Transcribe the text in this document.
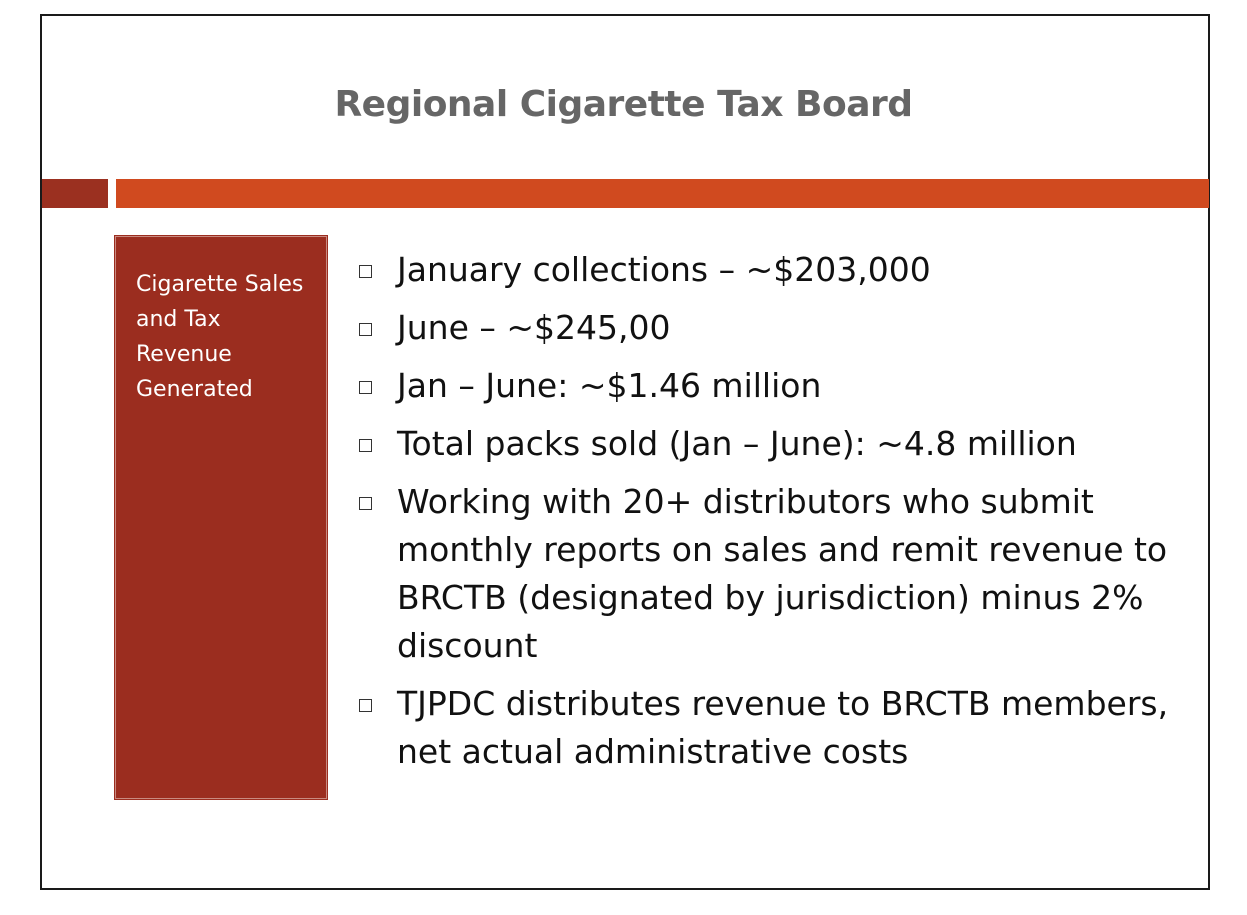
Regional Cigarette Tax Board
Cigarette Sales and Tax Revenue Generated
January collections – ~$203,000
June – ~$245,00
Jan – June: ~$1.46 million
Total packs sold (Jan – June): ~4.8 million
Working with 20+ distributors who submit monthly reports on sales and remit revenue to BRCTB (designated by jurisdiction) minus 2% discount
TJPDC distributes revenue to BRCTB members, net actual administrative costs
